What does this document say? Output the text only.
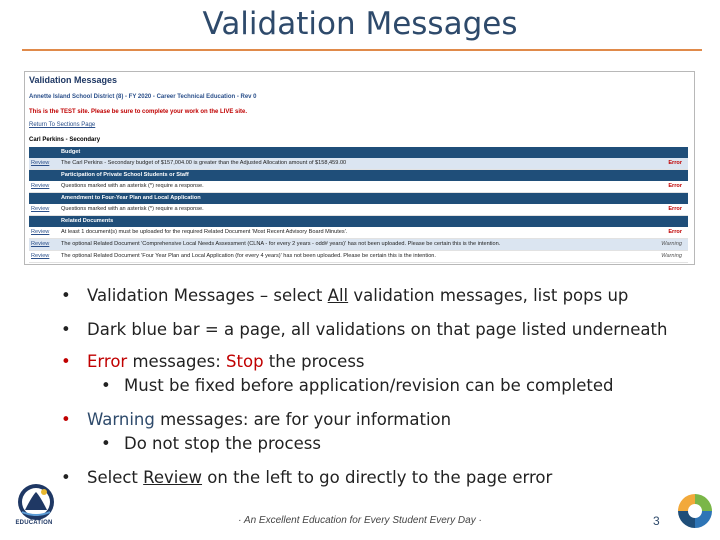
Validation Messages
Validation Messages
Annette Island School District (8) - FY 2020 - Career Technical Education - Rev 0
This is the TEST site. Please be sure to complete your work on the LIVE site.
Return To Sections Page
Carl Perkins - Secondary
Budget
Review The Carl Perkins - Secondary budget of $157,004.00 is greater than the Adjusted Allocation amount of $158,459.00	Error
Participation of Private School Students or Staff
Review Questions marked with an asterisk (*) require a response.	Error
Amendment to Four-Year Plan and Local Application
Review Questions marked with an asterisk (*) require a response.	Error
Related Documents
Review At least 1 document(s) must be uploaded for the required Related Document 'Most Recent Advisory Board Minutes'.	Error
Review The optional Related Document 'Comprehensive Local Needs Assessment (CLNA - for every 2 years - odd# years)' has not been uploaded. Please be certain this is the intention.	Warning
Review The optional Related Document 'Four Year Plan and Local Application (for every 4 years)' has not been uploaded. Please be certain this is the intention.	Warning
• Validation Messages – select All validation messages, list pops up
• Dark blue bar = a page, all validations on that page listed underneath
• Error messages: Stop the process
• Must be fixed before application/revision can be completed
• Warning messages: are for your information
• Do not stop the process
• Select Review on the left to go directly to the page error
EDUCATION	· An Excellent Education for Every Student Every Day ·	3
